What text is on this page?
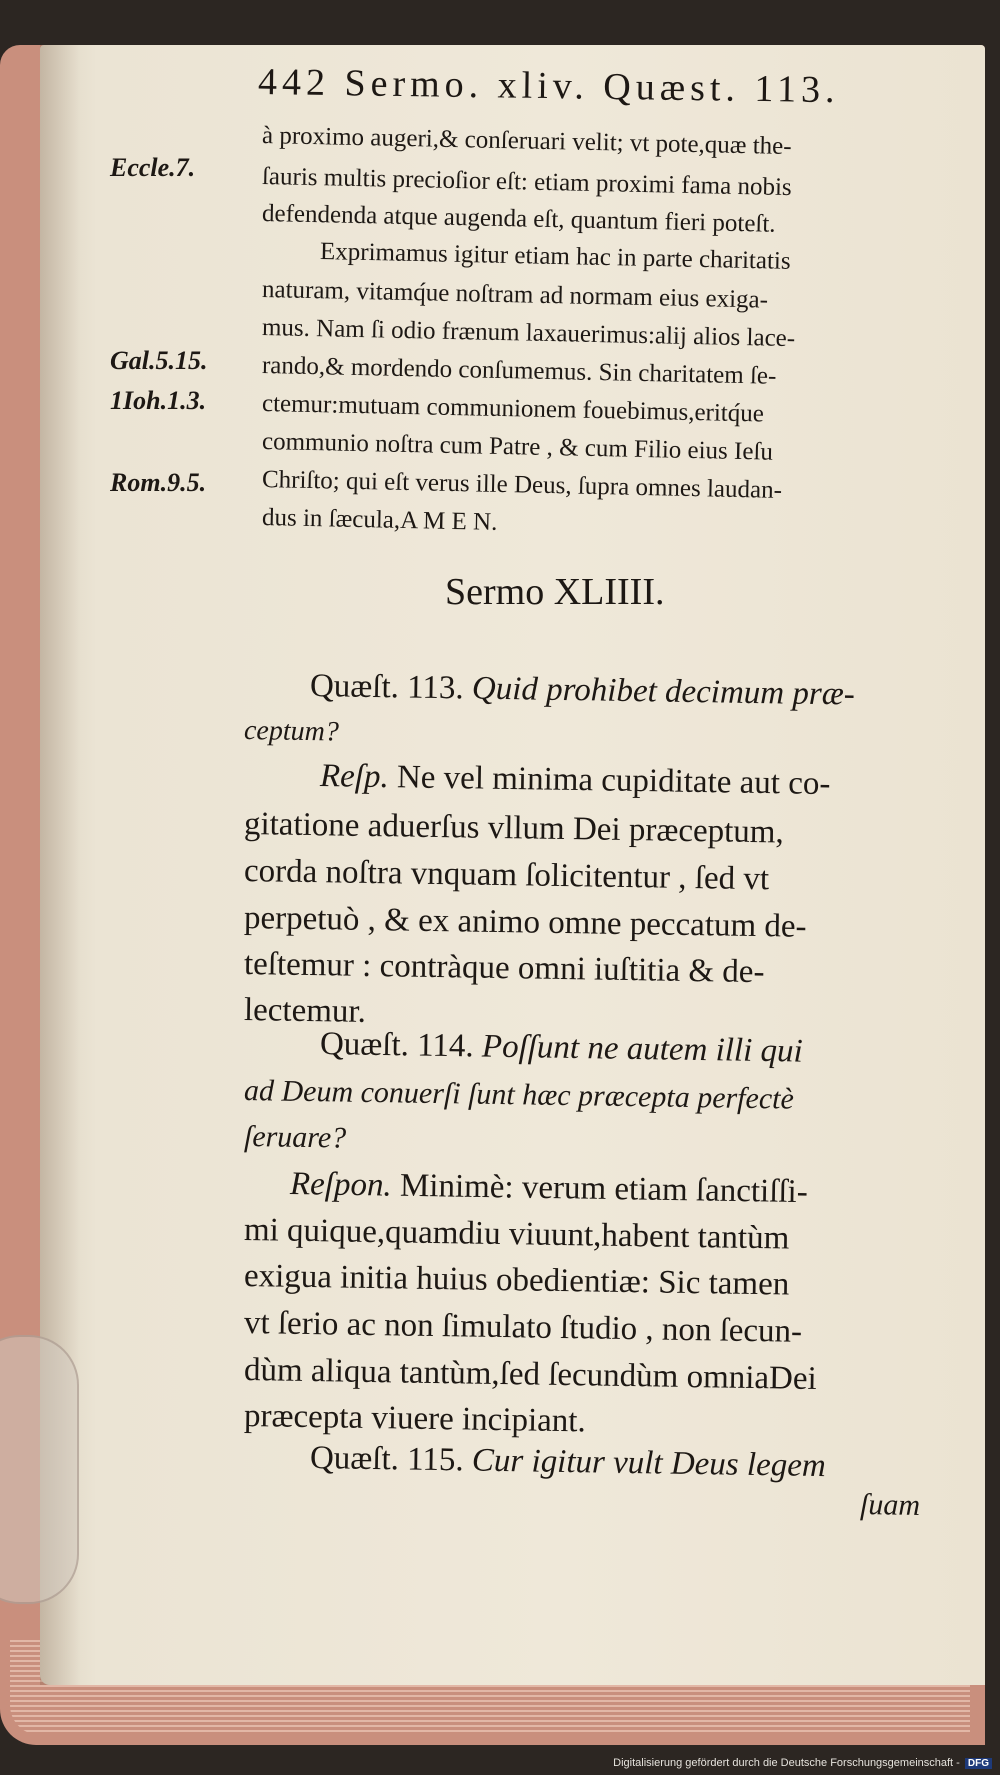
442 Sermo. xliv. Quæst. 113.
Eccle.7.
Gal.5.15.
1Ioh.1.3.
Rom.9.5.
à proximo augeri,& conſeruari velit; vt pote,quæ the-
ſauris multis precioſior eſt: etiam proximi fama nobis
defendenda atque augenda eſt, quantum fieri poteſt.
Exprimamus igitur etiam hac in parte charitatis
naturam, vitamq́ue noſtram ad normam eius exiga-
mus. Nam ſi odio frænum laxauerimus:alij alios lace-
rando,& mordendo conſumemus. Sin charitatem ſe-
ctemur:mutuam communionem fouebimus,eritq́ue
communio noſtra cum Patre , & cum Filio eius Ieſu
Chriſto; qui eſt verus ille Deus, ſupra omnes laudan-
dus in ſæcula,A M E N.
Sermo XLIIII.
Quæſt. 113. Quid prohibet decimum præ-
ceptum?
Reſp. Ne vel minima cupiditate aut co-
gitatione aduerſus vllum Dei præceptum,
corda noſtra vnquam ſolicitentur , ſed vt
perpetuò , & ex animo omne peccatum de-
teſtemur : contràque omni iuſtitia & de-
lectemur.
Quæſt. 114. Poſſunt ne autem illi qui
ad Deum conuerſi ſunt hæc præcepta perfectè
ſeruare?
Reſpon. Minimè: verum etiam ſanctiſſi-
mi quique,quamdiu viuunt,habent tantùm
exigua initia huius obedientiæ: Sic tamen
vt ſerio ac non ſimulato ſtudio , non ſecun-
dùm aliqua tantùm,ſed ſecundùm omniaDei
præcepta viuere incipiant.
Quæſt. 115. Cur igitur vult Deus legem
ſuam
Digitalisierung gefördert durch die Deutsche Forschungsgemeinschaft - DFG
